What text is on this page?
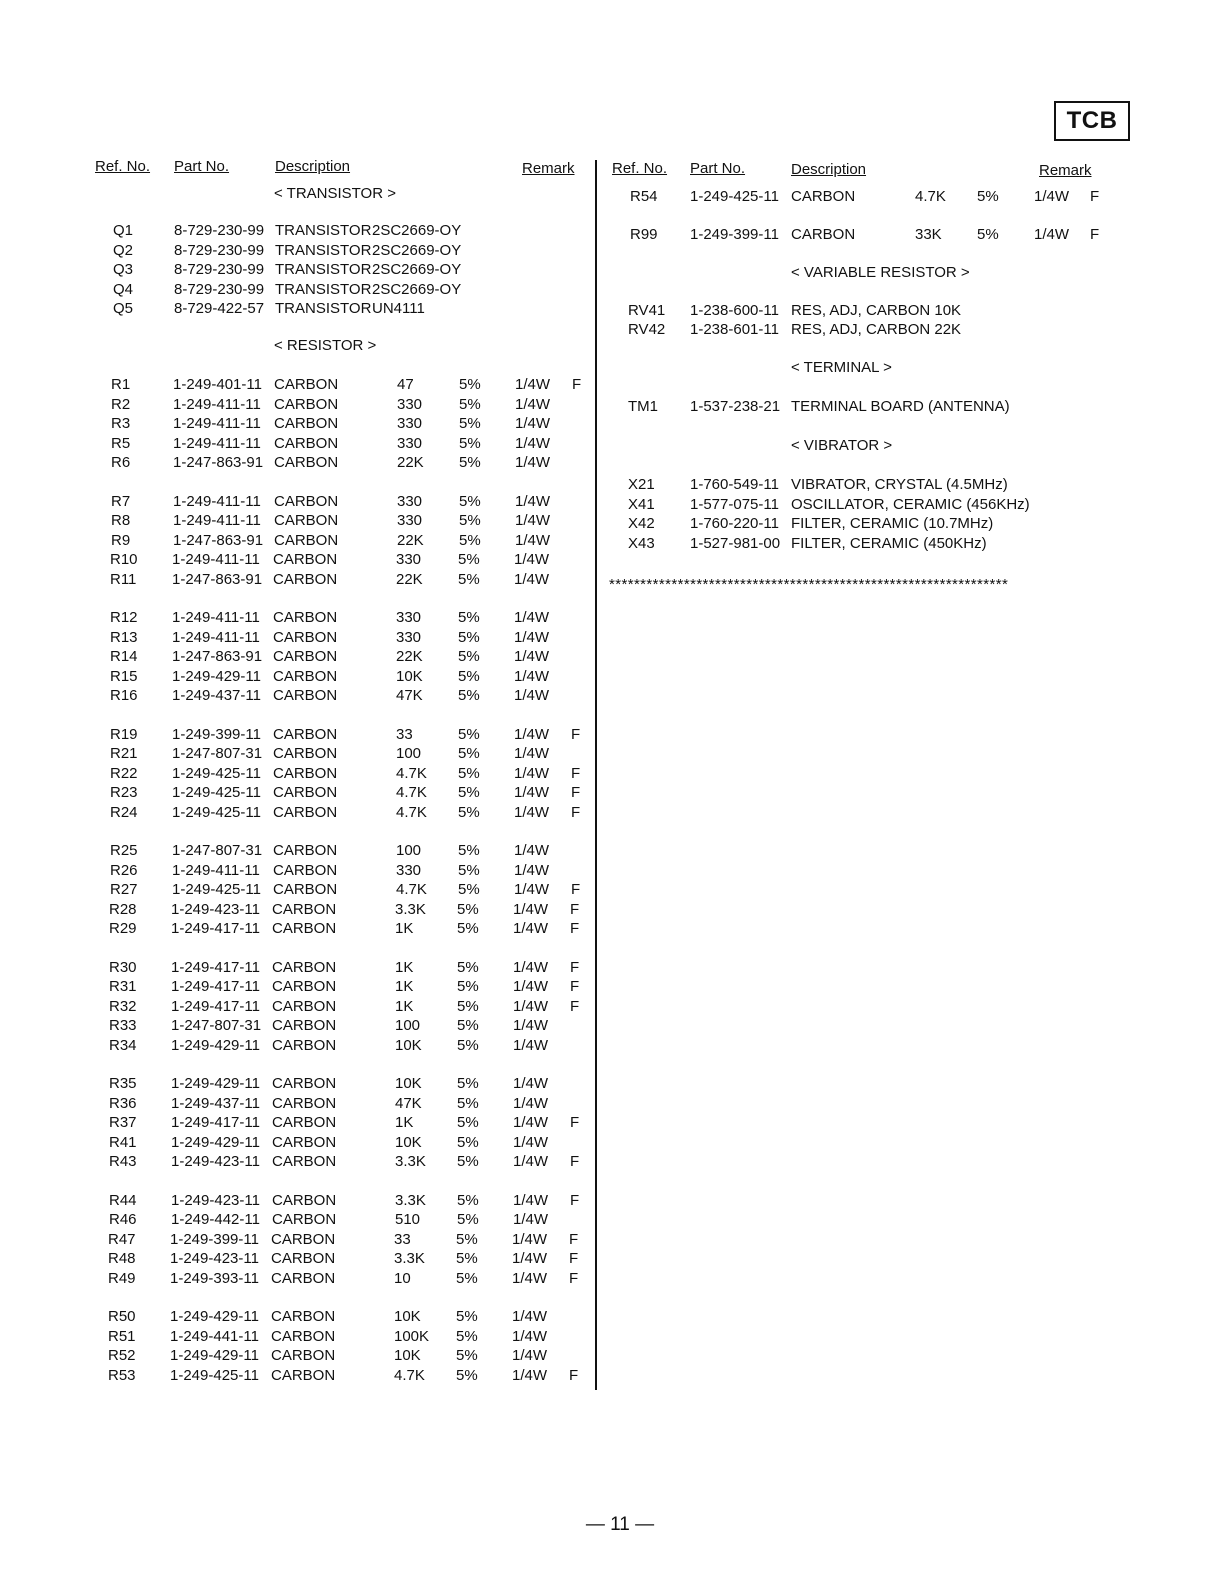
TCB
Ref. No. Part No.	Description	Remark Ref. No. Part No.	Description	Remark
< TRANSISTOR >
< RESISTOR >
< VARIABLE RESISTOR >
< TERMINAL >
< VIBRATOR >
Q1	8-729-230-99 TRANSISTOR 2SC2669-OY
Q2	8-729-230-99 TRANSISTOR 2SC2669-OY
Q3	8-729-230-99 TRANSISTOR 2SC2669-OY
Q4	8-729-230-99 TRANSISTOR 2SC2669-OY
Q5	8-729-422-57 TRANSISTOR UN4111
R1	1-249-401-11 CARBON	47	5% 1/4W F
R2	1-249-411-11 CARBON	330 5% 1/4W
R3	1-249-411-11 CARBON	330 5% 1/4W
R5	1-249-411-11 CARBON	330 5% 1/4W
R6	1-247-863-91 CARBON	22K 5% 1/4W
R7	1-249-411-11 CARBON	330 5% 1/4W
R8	1-249-411-11 CARBON	330 5% 1/4W
R9	1-247-863-91 CARBON	22K 5% 1/4W
R10 1-249-411-11 CARBON	330 5% 1/4W
R11 1-247-863-91 CARBON	22K 5% 1/4W
R12 1-249-411-11 CARBON	330 5% 1/4W
R13 1-249-411-11 CARBON	330 5% 1/4W
R14 1-247-863-91 CARBON	22K 5% 1/4W
R15 1-249-429-11 CARBON	10K 5% 1/4W
R16 1-249-437-11 CARBON	47K 5% 1/4W
R19 1-249-399-11 CARBON	33	5% 1/4W F
R21 1-247-807-31 CARBON	100 5% 1/4W
R22 1-249-425-11 CARBON	4.7K 5% 1/4W F
R23 1-249-425-11 CARBON	4.7K 5% 1/4W F
R24 1-249-425-11 CARBON	4.7K 5% 1/4W F
R25 1-247-807-31 CARBON	100 5% 1/4W
R26 1-249-411-11 CARBON	330 5% 1/4W
R27 1-249-425-11 CARBON	4.7K 5% 1/4W F
R28 1-249-423-11 CARBON	3.3K 5% 1/4W F
R29 1-249-417-11 CARBON	1K	5% 1/4W F
R30 1-249-417-11 CARBON	1K	5% 1/4W F
R31 1-249-417-11 CARBON	1K	5% 1/4W F
R32 1-249-417-11 CARBON	1K	5% 1/4W F
R33 1-247-807-31 CARBON	100 5% 1/4W
R34 1-249-429-11 CARBON	10K 5% 1/4W
R35 1-249-429-11 CARBON	10K 5% 1/4W
R36 1-249-437-11 CARBON	47K 5% 1/4W
R37 1-249-417-11 CARBON	1K	5% 1/4W F
R41 1-249-429-11 CARBON	10K 5% 1/4W
R43 1-249-423-11 CARBON	3.3K 5% 1/4W F
R44 1-249-423-11 CARBON	3.3K 5% 1/4W F
R46 1-249-442-11 CARBON	510 5% 1/4W
R47 1-249-399-11 CARBON	33	5% 1/4W F
R48 1-249-423-11 CARBON	3.3K 5% 1/4W F
R49 1-249-393-11 CARBON	10	5% 1/4W F
R50 1-249-429-11 CARBON	10K 5% 1/4W
R51 1-249-441-11 CARBON	100K 5% 1/4W
R52 1-249-429-11 CARBON	10K 5% 1/4W
R53 1-249-425-11 CARBON	4.7K 5% 1/4W F
R54 1-249-425-11 CARBON	4.7K 5% 1/4W F
R99 1-249-399-11 CARBON	33K 5% 1/4W F
RV41 1-238-600-11 RES, ADJ, CARBON 10K
RV42 1-238-601-11 RES, ADJ, CARBON 22K
TM1 1-537-238-21 TERMINAL BOARD (ANTENNA)
X21 1-760-549-11 VIBRATOR, CRYSTAL (4.5MHz)
X41 1-577-075-11 OSCILLATOR, CERAMIC (456KHz)
X42 1-760-220-11 FILTER, CERAMIC (10.7MHz)
X43 1-527-981-00 FILTER, CERAMIC (450KHz)
****************************************************************
— 11 —
